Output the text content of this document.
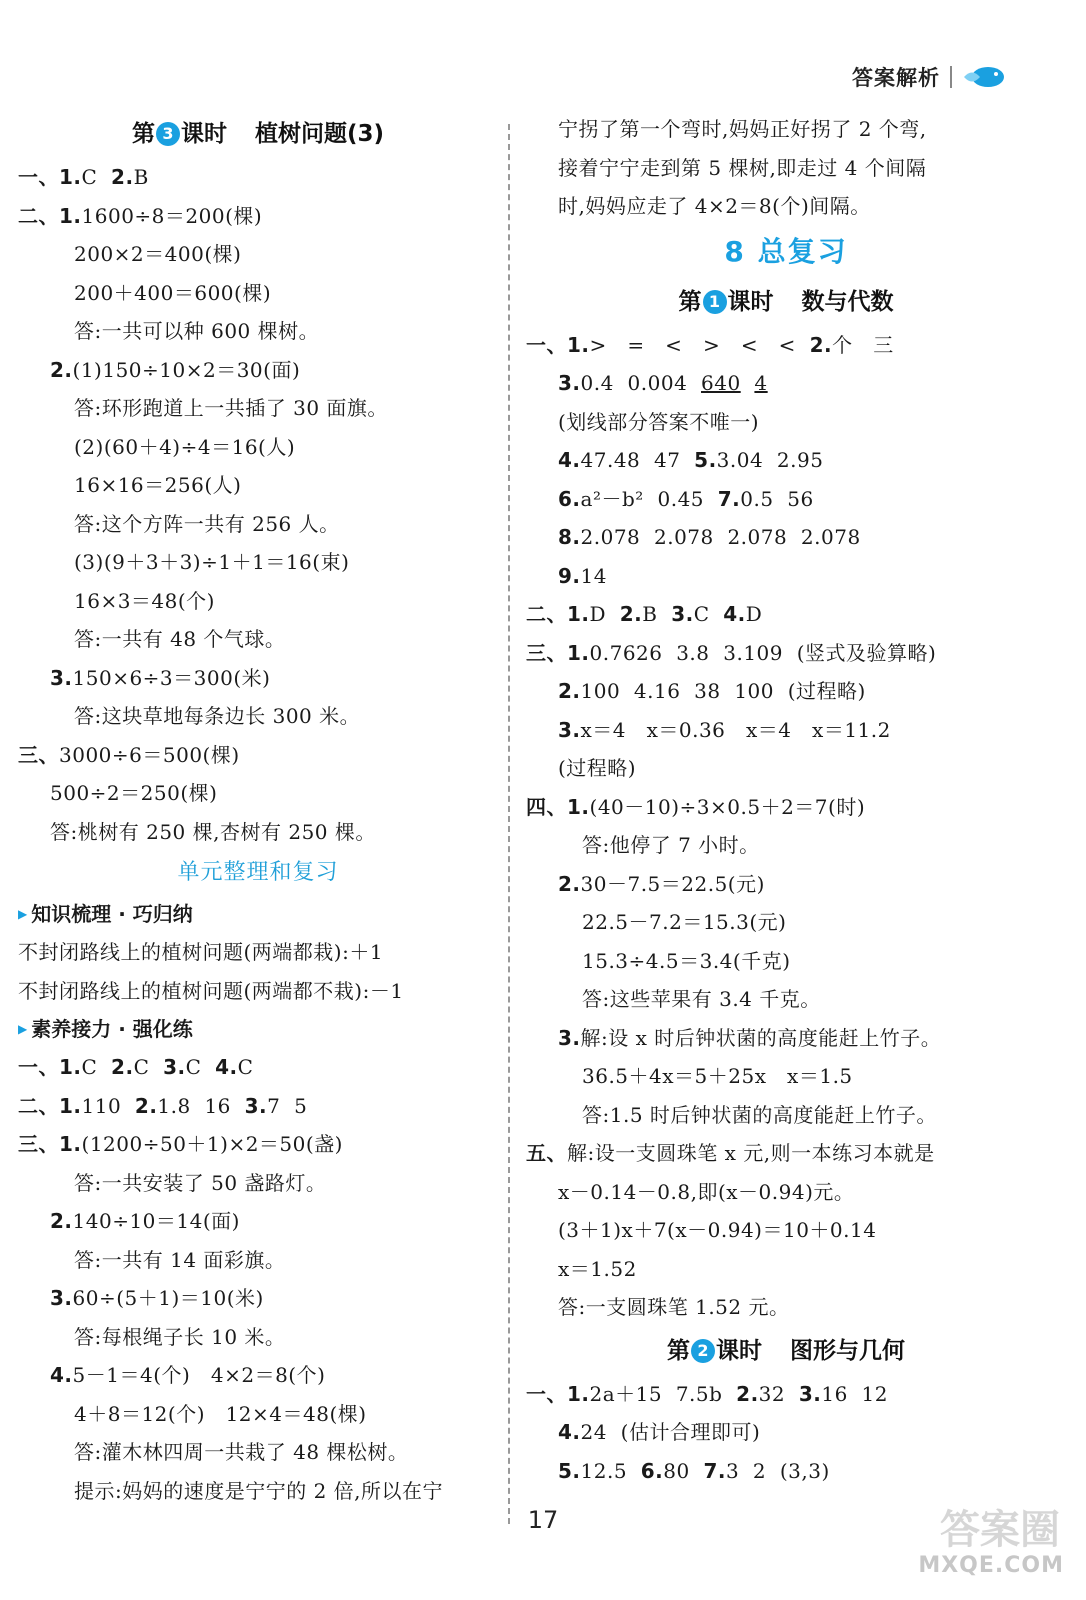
答案解析
第 3 课时 植树问题(3)
一、1.C  2.B
二、1.1600÷8＝200(棵)
200×2＝400(棵)
200＋400＝600(棵)
答:一共可以种 600 棵树。
2.(1)150÷10×2＝30(面)
答:环形跑道上一共插了 30 面旗。
(2)(60＋4)÷4＝16(人)
16×16＝256(人)
答:这个方阵一共有 256 人。
(3)(9＋3＋3)÷1＋1＝16(束)
16×3＝48(个)
答:一共有 48 个气球。
3.150×6÷3＝300(米)
答:这块草地每条边长 300 米。
三、3000÷6＝500(棵)
500÷2＝250(棵)
答:桃树有 250 棵,杏树有 250 棵。
单元整理和复习
▶ 知识梳理 · 巧归纳
不封闭路线上的植树问题(两端都栽):＋1
不封闭路线上的植树问题(两端都不栽):－1
▶ 素养接力 · 强化练
一、1.C  2.C  3.C  4.C
二、1.110  2.1.8  16  3.7  5
三、1.(1200÷50＋1)×2＝50(盏)
答:一共安装了 50 盏路灯。
2.140÷10＝14(面)
答:一共有 14 面彩旗。
3.60÷(5＋1)＝10(米)
答:每根绳子长 10 米。
4.5－1＝4(个)   4×2＝8(个)
4＋8＝12(个)   12×4＝48(棵)
答:灌木林四周一共栽了 48 棵松树。
提示:妈妈的速度是宁宁的 2 倍,所以在宁
宁拐了第一个弯时,妈妈正好拐了 2 个弯,
接着宁宁走到第 5 棵树,即走过 4 个间隔
时,妈妈应走了 4×2＝8(个)间隔。
8 总复习
第 1 课时 数与代数
一、1.>   =   <   >   <   <  2.个   三
3.0.4  0.004  640 4
(划线部分答案不唯一)
4.47.48  47  5.3.04  2.95
6.a²－b²  0.45  7.0.5  56
8.2.078  2.078  2.078  2.078
9.14
二、1.D  2.B  3.C  4.D
三、1.0.7626  3.8  3.109  (竖式及验算略)
2.100  4.16  38  100  (过程略)
3.x＝4   x＝0.36   x＝4   x＝11.2
(过程略)
四、1.(40－10)÷3×0.5＋2＝7(时)
答:他停了 7 小时。
2.30－7.5＝22.5(元)
22.5－7.2＝15.3(元)
15.3÷4.5＝3.4(千克)
答:这些苹果有 3.4 千克。
3.解:设 x 时后钟状菌的高度能赶上竹子。
36.5＋4x＝5＋25x   x＝1.5
答:1.5 时后钟状菌的高度能赶上竹子。
五、解:设一支圆珠笔 x 元,则一本练习本就是
x－0.14－0.8,即(x－0.94)元。
(3＋1)x＋7(x－0.94)＝10＋0.14
x＝1.52
答:一支圆珠笔 1.52 元。
第 2 课时 图形与几何
一、1.2a＋15  7.5b  2.32  3.16  12
4.24  (估计合理即可)
5.12.5  6.80  7.3  2  (3,3)
17	答案圈
MXQE.COM
